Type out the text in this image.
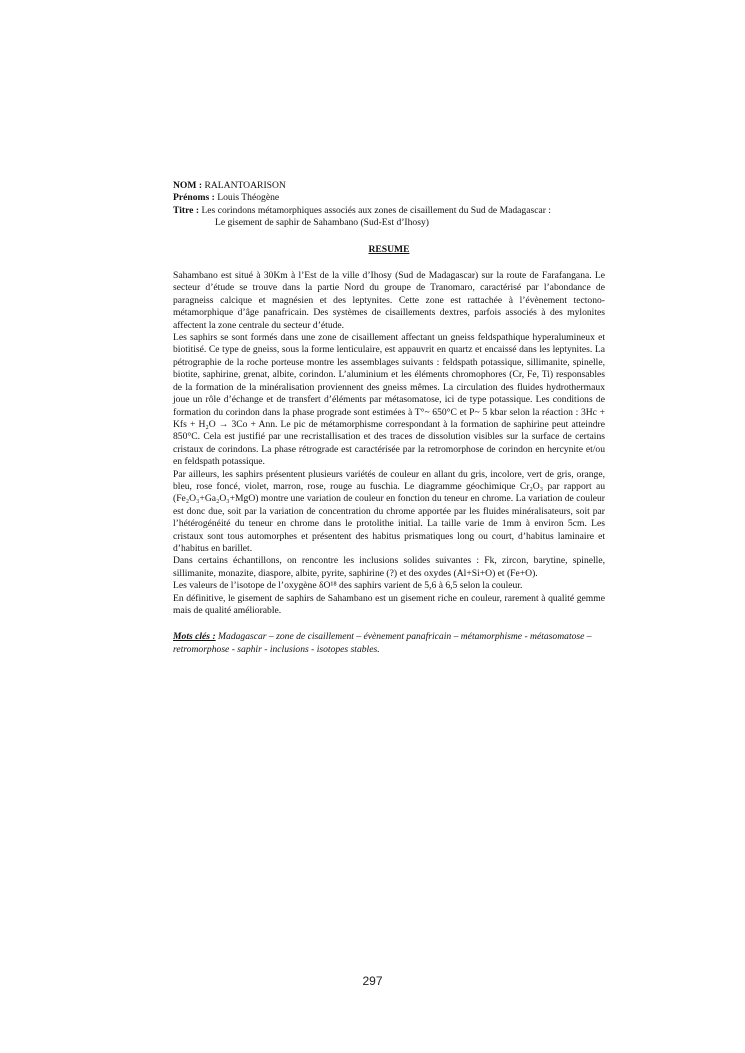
NOM : RALANTOARISON

Prénoms : Louis Théogène

Titre : Les corindons métamorphiques associés aux zones de cisaillement du Sud de Madagascar :

Le gisement de saphir de Sahambano (Sud-Est d’Ihosy)

RESUME

Sahambano est situé à 30Km à l’Est de la ville d’Ihosy (Sud de Madagascar) sur la route de Farafangana. Le secteur d’étude se trouve dans la partie Nord du groupe de Tranomaro, caractérisé par l’abondance de paragneiss calcique et magnésien et des leptynites. Cette zone est rattachée à l’évènement tectono-métamorphique d’âge panafricain. Des systèmes de cisaillements dextres, parfois associés à des mylonites affectent la zone centrale du secteur d’étude.

Les saphirs se sont formés dans une zone de cisaillement affectant un gneiss feldspathique hyperalumineux et biotitisé. Ce type de gneiss, sous la forme lenticulaire, est appauvrit en quartz et encaissé dans les leptynites. La pétrographie de la roche porteuse montre les assemblages suivants : feldspath potassique, sillimanite, spinelle, biotite, saphirine, grenat, albite, corindon. L’aluminium et les éléments chromophores (Cr, Fe, Ti) responsables de la formation de la minéralisation proviennent des gneiss mêmes. La circulation des fluides hydrothermaux joue un rôle d’échange et de transfert d’éléments par métasomatose, ici de type potassique. Les conditions de formation du corindon dans la phase prograde sont estimées à T°~ 650°C et P~ 5 kbar selon la réaction : 3Hc + Kfs + H₂O → 3Co + Ann. Le pic de métamorphisme correspondant à la formation de saphirine peut atteindre 850°C. Cela est justifié par une recristallisation et des traces de dissolution visibles sur la surface de certains cristaux de corindons. La phase rétrograde est caractérisée par la retromorphose de corindon en hercynite et/ou en feldspath potassique.

Par ailleurs, les saphirs présentent plusieurs variétés de couleur en allant du gris, incolore, vert de gris, orange, bleu, rose foncé, violet, marron, rose, rouge au fuschia. Le diagramme géochimique Cr₂O₃ par rapport au (Fe₂O₃+Ga₂O₃+MgO) montre une variation de couleur en fonction du teneur en chrome. La variation de couleur est donc due, soit par la variation de concentration du chrome apportée par les fluides minéralisateurs, soit par l’hétérogénéité du teneur en chrome dans le protolithe initial. La taille varie de 1mm à environ 5cm. Les cristaux sont tous automorphes et présentent des habitus prismatiques long ou court, d’habitus laminaire et d’habitus en barillet.

Dans certains échantillons, on rencontre les inclusions solides suivantes : Fk, zircon, barytine, spinelle, sillimanite, monazite, diaspore, albite, pyrite, saphirine (?) et des oxydes (Al+Si+O) et (Fe+O).

Les valeurs de l’isotope de l’oxygène δO¹⁸ des saphirs varient de 5,6 à 6,5 selon la couleur.

En définitive, le gisement de saphirs de Sahambano est un gisement riche en couleur, rarement à qualité gemme mais de qualité améliorable.

Mots clés : Madagascar – zone de cisaillement – évènement panafricain – métamorphisme - métasomatose – retromorphose - saphir - inclusions - isotopes stables.

297
